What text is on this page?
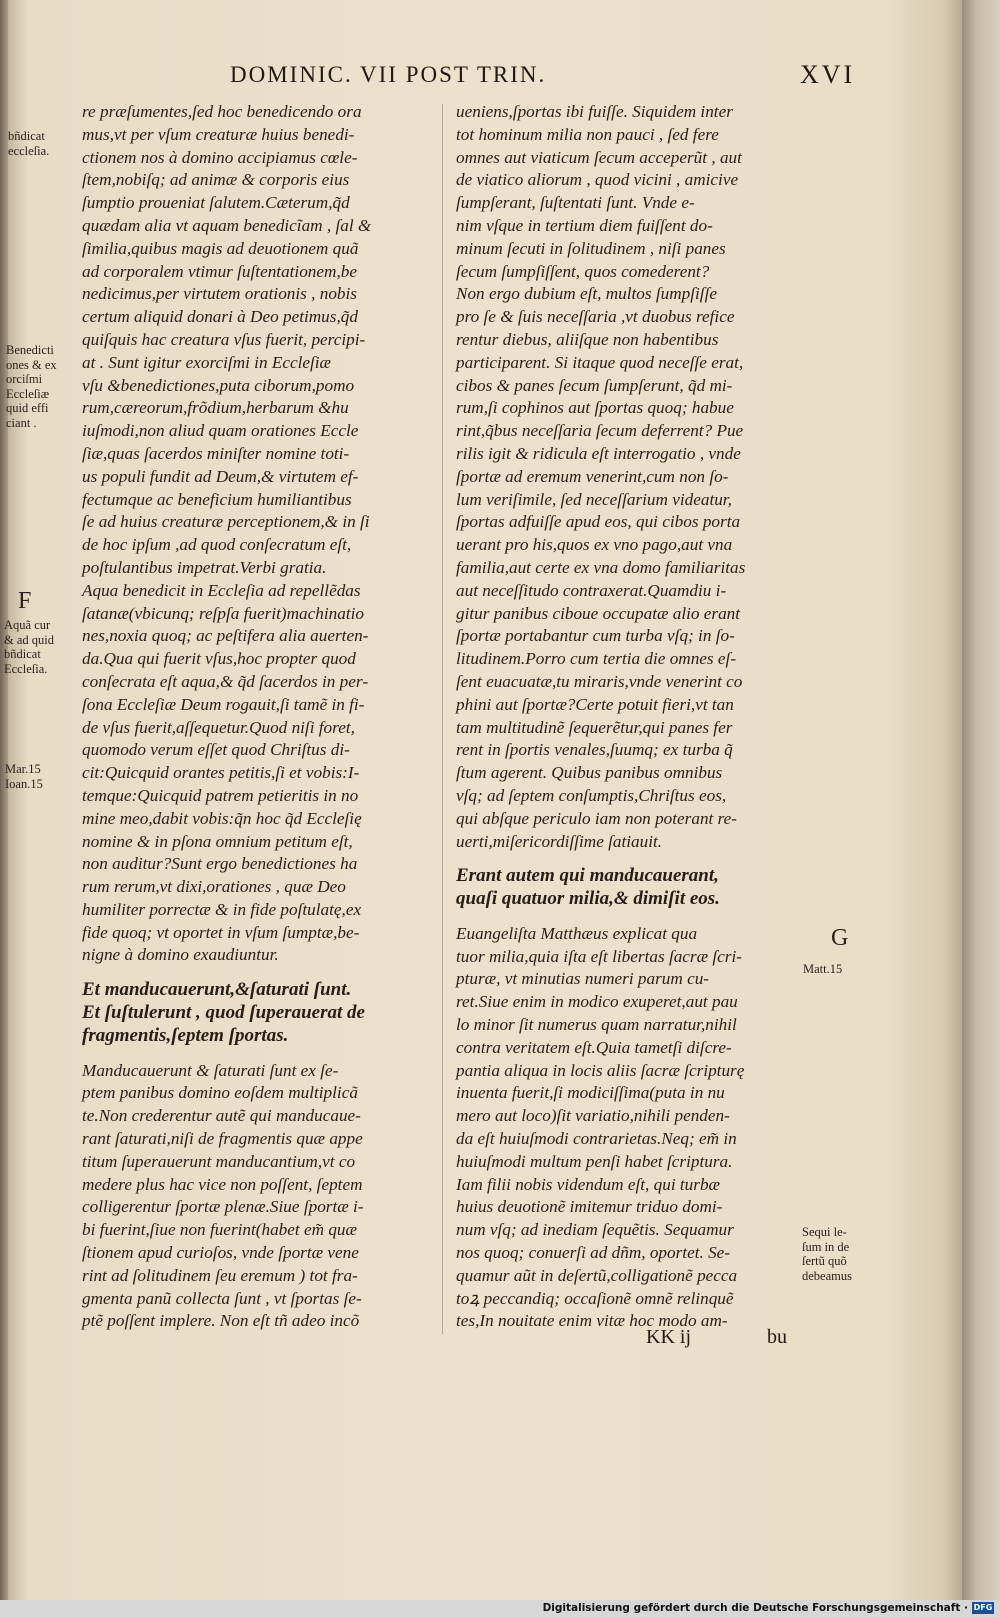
DOMINIC. VII POST TRIN.	XVI
re præſumentes,ſed hoc benedicendo ora
mus,vt per vſum creaturæ huius benedi‑
ctionem nos à domino accipiamus cœle‑
ſtem,nobiſq; ad animæ & corporis eius
ſumptio proueniat ſalutem.Cæterum,q̃d
quædam alia vt aquam benedicĩam , ſal &
ſimilia,quibus magis ad deuotionem quã
ad corporalem vtimur ſuſtentationem,be
nedicimus,per virtutem orationis , nobis
certum aliquid donari à Deo petimus,q̃d
quiſquis hac creatura vſus fuerit, percipi‑
at . Sunt igitur exorciſmi in Eccleſiæ
vſu &benedictiones,puta ciborum,pomo
rum,cæreorum,frõdium,herbarum &hu
iuſmodi,non aliud quam orationes Eccle
ſiæ,quas ſacerdos miniſter nomine toti‑
us populi fundit ad Deum,& virtutem ef‑
fectumque ac beneficium humiliantibus
ſe ad huius creaturæ perceptionem,& in ſi
de hoc ipſum ,ad quod conſecratum eſt,
poſtulantibus impetrat.Verbi gratia.
Aqua benedicit in Eccleſia ad repellẽdas
ſatanæ(vbicunq; reſpſa fuerit)machinatio
nes,noxia quoq; ac peſtifera alia auerten‑
da.Qua qui fuerit vſus,hoc propter quod
conſecrata eſt aqua,& q̃d ſacerdos in per‑
ſona Eccleſiæ Deum rogauit,ſi tamẽ in fi‑
de vſus fuerit,aſſequetur.Quod niſi foret,
quomodo verum eſſet quod Chriſtus di‑
cit:Quicquid orantes petitis,ſi et vobis:I‑
temque:Quicquid patrem petieritis in no
mine meo,dabit vobis:q̃n hoc q̃d Eccleſię
nomine & in pſona omnium petitum eſt,
non auditur?Sunt ergo benedictiones ha
rum rerum,vt dixi,orationes , quæ Deo
humiliter porrectæ & in fide poſtulatę,ex
fide quoq; vt oportet in vſum ſumptæ,be‑
nigne à domino exaudiuntur.
Et manducauerunt,&ſaturati ſunt.
Et ſuſtulerunt , quod ſuperauerat de
fragmentis,ſeptem ſportas.
Manducauerunt & ſaturati ſunt ex ſe‑
ptem panibus domino eoſdem multiplicã
te.Non crederentur autẽ qui manducaue‑
rant ſaturati,niſi de fragmentis quæ appe
titum ſuperauerunt manducantium,vt co
medere plus hac vice non poſſent, ſeptem
colligerentur ſportæ plenæ.Siue ſportæ i‑
bi fuerint,ſiue non fuerint(habet em̃ quæ
ſtionem apud curioſos, vnde ſportæ vene
rint ad ſolitudinem ſeu eremum ) tot fra‑
gmenta panũ collecta ſunt , vt ſportas ſe‑
ptẽ poſſent implere. Non eſt tñ adeo incõ
ueniens,ſportas ibi fuiſſe. Siquidem inter
tot hominum milia non pauci , ſed fere
omnes aut viaticum ſecum acceperũt , aut
de viatico aliorum , quod vicini , amicive
ſumpſerant, ſuſtentati ſunt. Vnde e‑
nim vſque in tertium diem fuiſſent do‑
minum ſecuti in ſolitudinem , niſi panes
ſecum ſumpſiſſent, quos comederent?
Non ergo dubium eſt, multos ſumpſiſſe
pro ſe & ſuis neceſſaria ,vt duobus refice
rentur diebus, aliiſque non habentibus
participarent. Si itaque quod neceſſe erat,
cibos & panes ſecum ſumpſerunt, q̃d mi‑
rum,ſi cophinos aut ſportas quoq; habue
rint,q̃bus neceſſaria ſecum deferrent? Pue
rilis igit & ridicula eſt interrogatio , vnde
ſportæ ad eremum venerint,cum non ſo‑
lum veriſimile, ſed neceſſarium videatur,
ſportas adfuiſſe apud eos, qui cibos porta
uerant pro his,quos ex vno pago,aut vna
familia,aut certe ex vna domo familiaritas
aut neceſſitudo contraxerat.Quamdiu i‑
gitur panibus ciboue occupatæ alio erant
ſportæ portabantur cum turba vſq; in ſo‑
litudinem.Porro cum tertia die omnes eſ‑
ſent euacuatæ,tu miraris,vnde venerint co
phini aut ſportæ?Certe potuit fieri,vt tan
tam multitudinẽ ſequerẽtur,qui panes fer
rent in ſportis venales,ſuumq; ex turba q̃
ſtum agerent. Quibus panibus omnibus
vſq; ad ſeptem conſumptis,Chriſtus eos,
qui abſque periculo iam non poterant re‑
uerti,miſericordiſſime ſatiauit.
Erant autem qui manducauerant,
quaſi quatuor milia,& dimiſit eos.
Euangeliſta Matthæus explicat qua
tuor milia,quia iſta eſt libertas ſacræ ſcri‑
pturæ, vt minutias numeri parum cu‑
ret.Siue enim in modico exuperet,aut pau
lo minor ſit numerus quam narratur,nihil
contra veritatem eſt.Quia tametſi diſcre‑
pantia aliqua in locis aliis ſacræ ſcripturę
inuenta fuerit,ſi modiciſſima(puta in nu
mero aut loco)ſit variatio,nihili penden‑
da eſt huiuſmodi contrarietas.Neq; em̃ in
huiuſmodi multum penſi habet ſcriptura.
Iam filii nobis videndum eſt, qui turbæ
huius deuotionẽ imitemur triduo domi‑
num vſq; ad inediam ſequẽtis. Sequamur
nos quoq; conuerſi ad dñm, oportet. Se‑
quamur aũt in deſertũ,colligationẽ pecca
toꝝ peccandiq; occaſionẽ omnẽ relinquẽ
tes,In nouitate enim vitæ hoc modo am‑
bñdicat
eccleſia.
Benedicti
ones & ex
orciſmi
Eccleſiæ
quid effi
ciant .
F
Aquã cur
& ad quid
bñdicat
Eccleſia.
Mar.15
Ioan.15
G
Matt.15
Sequi le‑
ſum in de
ſertũ quõ
debeamus
KK ij	bu
Digitalisierung gefördert durch die Deutsche Forschungsgemeinschaft · DFG
